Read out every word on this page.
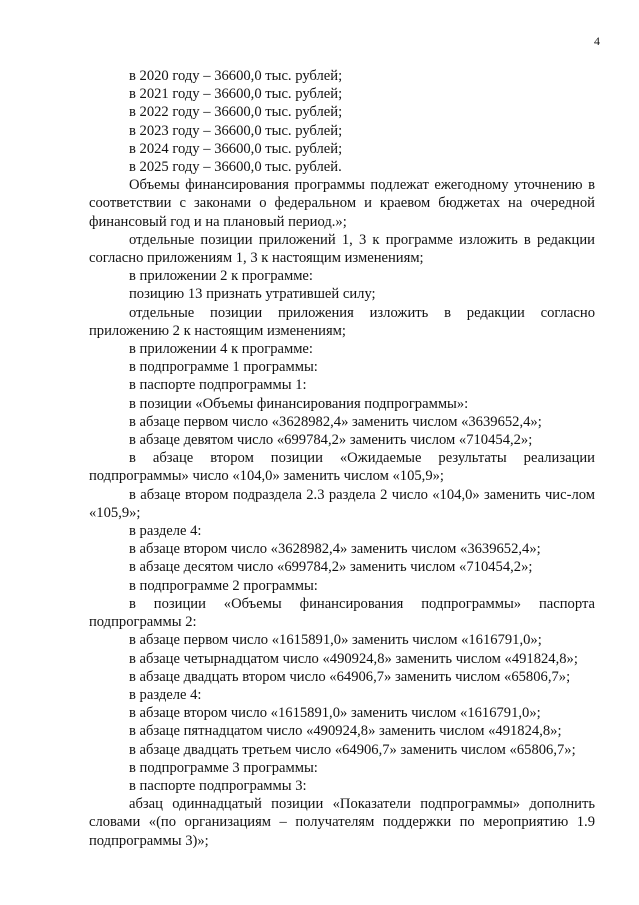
4

в 2020 году – 36600,0 тыс. рублей;

в 2021 году – 36600,0 тыс. рублей;

в 2022 году – 36600,0 тыс. рублей;

в 2023 году – 36600,0 тыс. рублей;

в 2024 году – 36600,0 тыс. рублей;

в 2025 году – 36600,0 тыс. рублей.

Объемы финансирования программы подлежат ежегодному уточнению в соответствии с законами о федеральном и краевом бюджетах на очередной финансовый год и на плановый период.»;

отдельные позиции приложений 1, 3 к программе изложить в редакции согласно приложениям 1, 3 к настоящим изменениям;

в приложении 2 к программе:

позицию 13 признать утратившей силу;

отдельные позиции приложения изложить в редакции согласно приложению 2 к настоящим изменениям;

в приложении 4 к программе:

в подпрограмме 1 программы:

в паспорте подпрограммы 1:

в позиции «Объемы финансирования подпрограммы»:

в абзаце первом число «3628982,4» заменить числом «3639652,4»;

в абзаце девятом число «699784,2» заменить числом «710454,2»;

в абзаце втором позиции «Ожидаемые результаты реализации подпрограммы» число «104,0» заменить числом «105,9»;

в абзаце втором подраздела 2.3 раздела 2 число «104,0» заменить чис-лом «105,9»;

в разделе 4:

в абзаце втором число «3628982,4» заменить числом «3639652,4»;

в абзаце десятом число «699784,2» заменить числом «710454,2»;

в подпрограмме 2 программы:

в позиции «Объемы финансирования подпрограммы» паспорта подпрограммы 2:

в абзаце первом число «1615891,0» заменить числом «1616791,0»;

в абзаце четырнадцатом число «490924,8» заменить числом «491824,8»;

в абзаце двадцать втором число «64906,7» заменить числом «65806,7»;

в разделе 4:

в абзаце втором число «1615891,0» заменить числом «1616791,0»;

в абзаце пятнадцатом число «490924,8» заменить числом «491824,8»;

в абзаце двадцать третьем число «64906,7» заменить числом «65806,7»;

в подпрограмме 3 программы:

в паспорте подпрограммы 3:

абзац одиннадцатый позиции «Показатели подпрограммы» дополнить словами «(по организациям – получателям поддержки по мероприятию 1.9 подпрограммы 3)»;
